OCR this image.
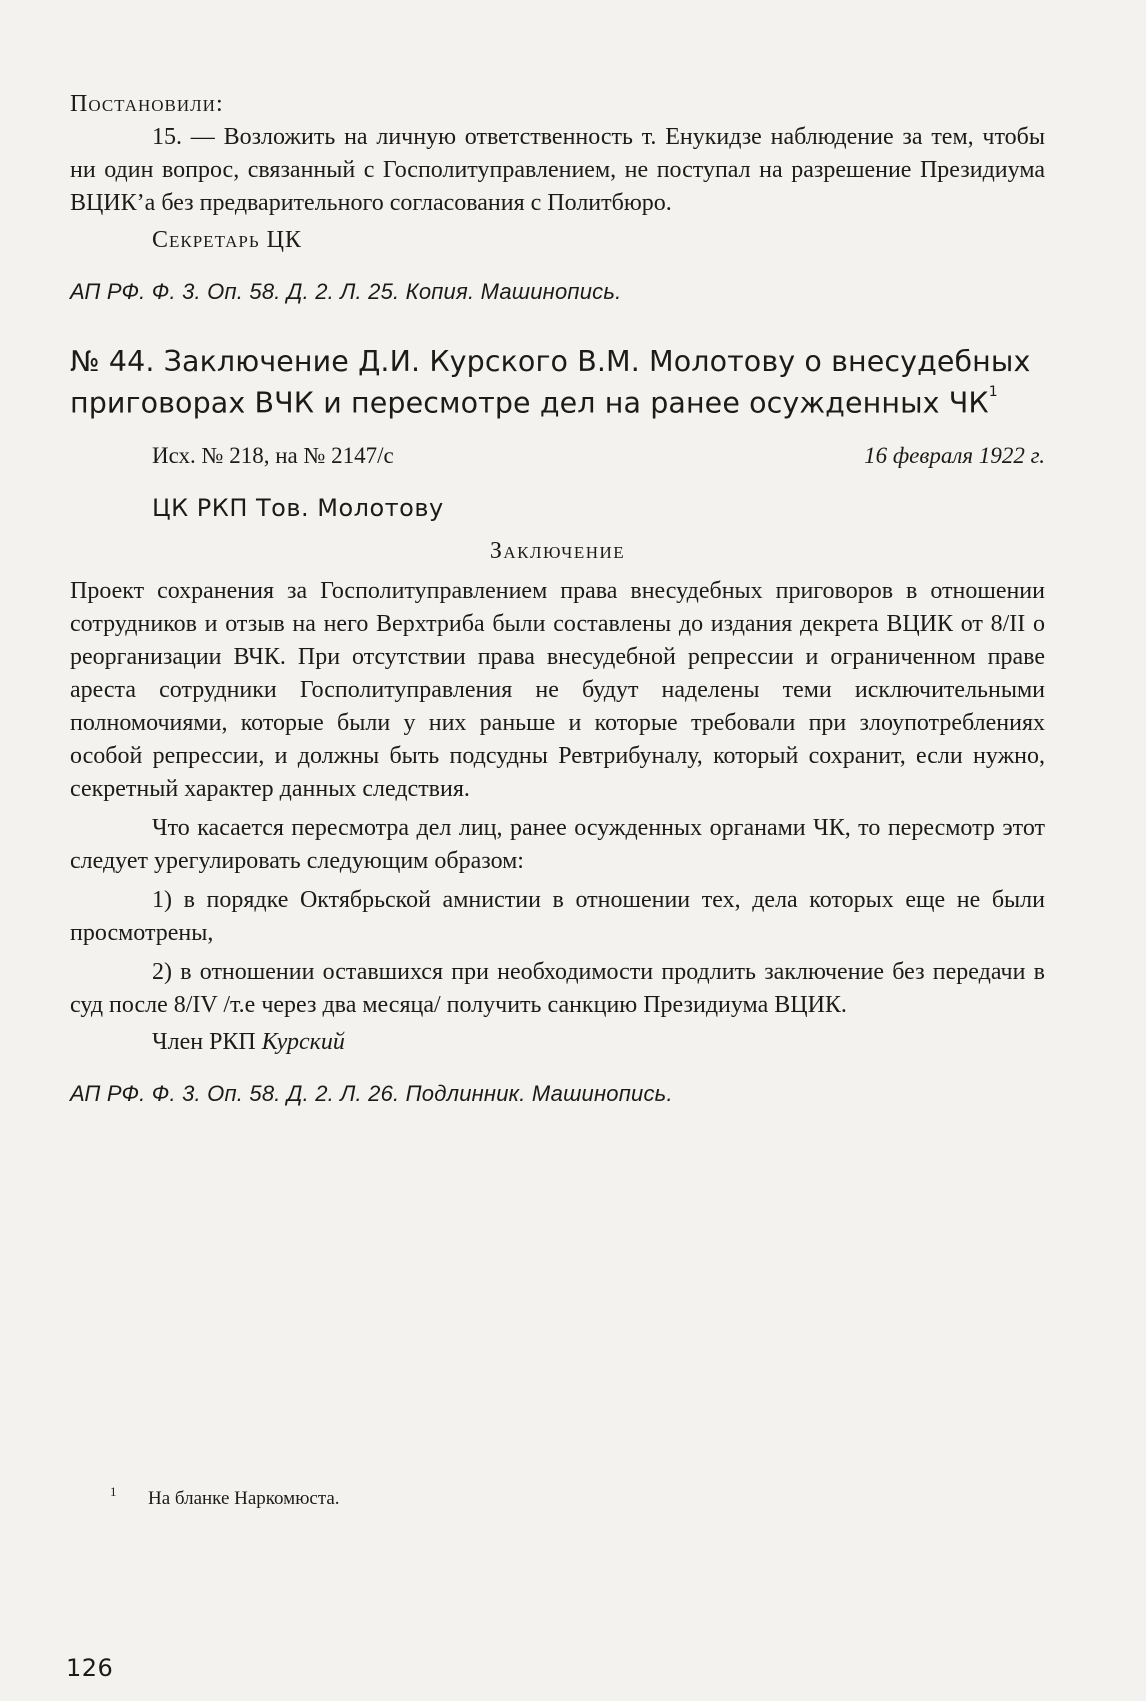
Постановили:

15. — Возложить на личную ответственность т. Енукидзе наблюдение за тем, чтобы ни один вопрос, связанный с Госполитуправлением, не поступал на разрешение Президиума ВЦИК’а без предварительного согласования с Политбюро.

Секретарь ЦК

АП РФ. Ф. 3. Оп. 58. Д. 2. Л. 25. Копия. Машинопись.

№ 44. Заключение Д.И. Курского В.М. Молотову о внесудебных приговорах ВЧК и пересмотре дел на ранее осужденных $ЧК^1$
Исх. № 218, на № 2147/с	16 февраля 1922 г.

ЦК РКП Тов. Молотову

Заключение

Проект сохранения за Госполитуправлением права внесудебных приговоров в отношении сотрудников и отзыв на него Верхтриба были составлены до издания декрета ВЦИК от 8/II о реорганизации ВЧК. При отсутствии права внесудебной репрессии и ограниченном праве ареста сотрудники Госполитуправления не будут наделены теми исключительными полномочиями, которые были у них раньше и которые требовали при злоупотреблениях особой репрессии, и должны быть подсудны Ревтрибуналу, который сохранит, если нужно, секретный характер данных следствия.

Что касается пересмотра дел лиц, ранее осужденных органами ЧК, то пересмотр этот следует урегулировать следующим образом:

1) в порядке Октябрьской амнистии в отношении тех, дела которых еще не были просмотрены,

2) в отношении оставшихся при необходимости продлить заключение без передачи в суд после 8/IV /т.е через два месяца/ получить санкцию Президиума ВЦИК.

Член РКП Курский

АП РФ. Ф. 3. Оп. 58. Д. 2. Л. 26. Подлинник. Машинопись.

1 На бланке Наркомюста.
126
